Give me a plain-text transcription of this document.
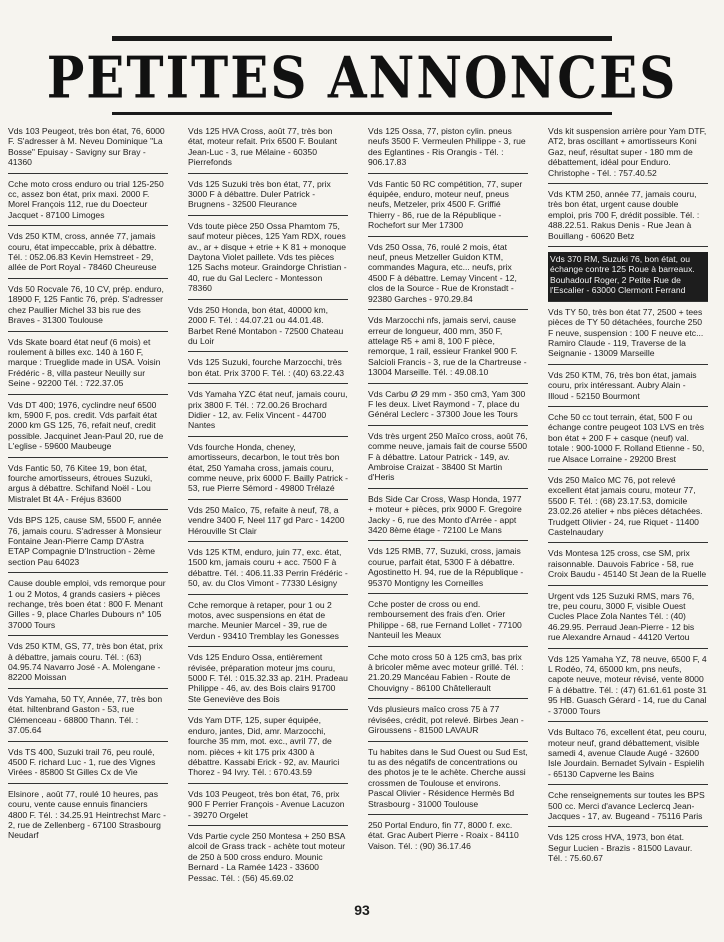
PETITES ANNONCES

Vds 103 Peugeot, très bon état, 76, 6000 F. S'adresser à M. Neveu Dominique "La Bosse" Epuisay - Savigny sur Bray - 41360

Cche moto cross enduro ou trial 125-250 cc, assez bon état, prix maxi. 2000 F. Morel François 112, rue du Doecteur Jacquet - 87100 Limoges

Vds 250 KTM, cross, année 77, jamais couru, état impeccable, prix à débattre. Tél. : 052.06.83 Kevin Hemstreet - 29, allée de Port Royal - 78460 Cheureuse

Vds 50 Rocvale 76, 10 CV, prép. enduro, 18900 F, 125 Fantic 76, prép. S'adresser chez Paullier Michel 33 bis rue des Braves - 31300 Toulouse

Vds Skate board état neuf (6 mois) et roulement à billes exc. 140 à 160 F, marque : Trueglide made in USA. Voisin Frédéric - 8, villa pasteur Neuilly sur Seine - 92200 Tél. : 722.37.05

Vds DT 400; 1976, cyclindre neuf 6500 km, 5900 F, pos. credit. Vds parfait état 2000 km GS 125, 76, refait neuf, credit possible. Jacquinet Jean-Paul 20, rue de L'eglise - 59600 Maubeuge

Vds Fantic 50, 76 Kitee 19, bon état, fourche amortisseurs, étroues Suzuki, argus à débattre. Schifand Noël - Lou Mistralet Bt 4A - Fréjus 83600

Vds BPS 125, cause SM, 5500 F, année 76, jamais couru. S'adresser à Monsieur Fontaine Jean-Pierre Camp D'Astra ETAP Compagnie D'Instruction - 2ème section Pau 64023

Cause double emploi, vds remorque pour 1 ou 2 Motos, 4 grands casiers + pièces rechange, très boen état : 800 F. Menant Gilles - 9, place Charles Dubours n° 105 37000 Tours

Vds 250 KTM, GS, 77, très bon état, prix à débattre, jamais couru. Tél. : (63) 04.95.74 Navarro José - A. Molengane - 82200 Moissan

Vds Yamaha, 50 TY, Année, 77, très bon état. hiltenbrand Gaston - 53, rue Clémenceau - 68800 Thann. Tél. : 37.05.64

Vds TS 400, Suzuki trail 76, peu roulé, 4500 F. richard Luc - 1, rue des Vignes Virées - 85800 St Gilles Cx de Vie

Elsinore , août 77, roulé 10 heures, pas couru, vente cause ennuis financiers 4800 F. Tél. : 34.25.91 Heintrechst Marc - 2, rue de Zellenberg - 67100 Strasbourg Neudarf

Vds 125 HVA Cross, août 77, très bon état, moteur refait. Prix 6500 F. Boulant Jean-Luc - 3, rue Mélaine - 60350 Pierrefonds

Vds 125 Suzuki très bon état, 77, prix 3000 F à débattre. Duler Patrick - Brugnens - 32500 Fleurance

Vds toute pièce 250 Ossa Phamtom 75, sauf moteur pièces, 125 Yam RDX, roues av., ar + disque + etrie + K 81 + monoque Daytona Violet paillete. Vds tes pièces 125 Sachs moteur. Graindorge Christian - 40, rue du Gal Leclerc - Montesson 78360

Vds 250 Honda, bon état, 40000 km, 2000 F. Tél. : 44.07.21 ou 44.01.48. Barbet René Montabon - 72500 Chateau du Loir

Vds 125 Suzuki, fourche Marzocchi, très bon état. Prix 3700 F. Tél. : (40) 63.22.43

Vds Yamaha YZC état neuf, jamais couru, prix 3800 F. Tél. : 72.00.26 Brochard Didier - 12, av. Felix Vincent - 44700 Nantes

Vds fourche Honda, cheney, amortisseurs, decarbon, le tout très bon état, 250 Yamaha cross, jamais couru, comme neuve, prix 6000 F. Bailly Patrick - 53, rue Pierre Sémord - 49800 Trélazé

Vds 250 Maîco, 75, refaite à neuf, 78, a vendre 3400 F, Neel 117 gd Parc - 14200 Hérouville St Clair

Vds 125 KTM, enduro, juin 77, exc. état, 1500 km, jamais couru + acc. 7500 F à débattre. Tél. : 406.11.33 Perrin Frédéric - 50, av. du Clos Vimont - 77330 Lésigny

Cche remorque à retaper, pour 1 ou 2 motos, avec suspensions en état de marche. Meunier Marcel - 39, rue de Verdun - 93410 Tremblay les Gonesses

Vds 125 Enduro Ossa, entièrement révisée, préparation moteur jms couru, 5000 F. Tél. : 015.32.33 ap. 21H. Pradeau Philippe - 46, av. des Bois clairs 91700 Ste Geneviève des Bois

Vds Yam DTF, 125, super équipée, enduro, jantes, Did, amr. Marzocchi, fourche 35 mm, mot. exc., avril 77, de nom. pièces + kit 175 prix 4300 à débattre. Kassabi Erick - 92, av. Maurici Thorez - 94 Ivry. Tél. : 670.43.59

Vds 103 Peugeot, très bon état, 76, prix 900 F Perrier François - Avenue Lacuzon - 39270 Orgelet

Vds Partie cycle 250 Montesa + 250 BSA alcoil de Grass track - achète tout moteur de 250 à 500 cross enduro. Mounic Bernard - La Ramée 1423 - 33600 Pessac. Tél. : (56) 45.69.02

Vds 125 Ossa, 77, piston cylin. pneus neufs 3500 F. Vermeulen Philippe - 3, rue des Eglantines - Ris Orangis - Tél. : 906.17.83

Vds Fantic 50 RC compétition, 77, super équipée, enduro, moteur neuf, pneus neufs, Metzeler, prix 4500 F. Griffié Thierry - 86, rue de la République - Rochefort sur Mer 17300

Vds 250 Ossa, 76, roulé 2 mois, état neuf, pneus Metzeller Guidon KTM, commandes Magura, etc... neufs, prix 4500 F à débattre. Lemay Vincent - 12, clos de la Source - Rue de Kronstadt - 92380 Garches - 970.29.84

Vds Marzocchi nfs, jamais servi, cause erreur de longueur, 400 mm, 350 F, attelage R5 + ami 8, 100 F pièce, remorque, 1 rail, essieur Frankel 900 F. Salcioli Francis - 3, rue de la Chartreuse - 13004 Marseille. Tél. : 49.08.10

Vds Carbu Ø 29 mm - 350 cm3, Yam 300 F les deux. Livet Raymond - 7, place du Général Leclerc - 37300 Joue les Tours

Vds très urgent 250 Maîco cross, août 76, comme neuve, jamais fait de course 5500 F à débattre. Latour Patrick - 149, av. Ambroise Craizat - 38400 St Martin d'Heris

Bds Side Car Cross, Wasp Honda, 1977 + moteur + pièces, prix 9000 F. Gregoire Jacky - 6, rue des Monto d'Arrée - appt 3420 8ème étage - 72100 Le Mans

Vds 125 RMB, 77, Suzuki, cross, jamais courue, parfait état, 5300 F à débattre. Agostinetto H. 94, rue de la République - 95370 Montigny les Corneilles

Cche poster de cross ou end. remboursement des frais d'en. Orier Philippe - 68, rue Fernand Lollet - 77100 Nanteuil les Meaux

Cche moto cross 50 à 125 cm3, bas prix à bricoler même avec moteur grillé. Tél. : 21.20.29 Mancéau Fabien - Route de Chouvigny - 86100 Châtellerault

Vds plusieurs maîco cross 75 à 77 révisées, crédit, pot relevé. Birbes Jean - Giroussens - 81500 LAVAUR

Tu habites dans le Sud Ouest ou Sud Est, tu as des négatifs de concentrations ou des photos je te le achète. Cherche aussi crossmen de Toulouse et environs. Pascal Olivier - Résidence Hermès Bd Strasbourg - 31000 Toulouse

250 Portal Enduro, fin 77, 8000 f. exc. état. Grac Aubert Pierre - Roaix - 84110 Vaison. Tél. : (90) 36.17.46

Vds kit suspension arrière pour Yam DTF, AT2, bras oscillant + amortisseurs Koni Gaz, neuf, résultat super - 180 mm de débattement, idéal pour Enduro. Christophe - Tél. : 757.40.52

Vds KTM 250, année 77, jamais couru, très bon état, urgent cause double emploi, pris 700 F, drédit possible. Tél. : 488.22.51. Rakus Denis - Rue Jean à Bouillang - 60620 Betz

Vds 370 RM, Suzuki 76, bon état, ou échange contre 125 Roue à barreaux. Bouhadouf Roger, 2 Petite Rue de l'Escalier - 63000 Clermont Ferrand

Vds TY 50, très bon état 77, 2500 + tees pièces de TY 50 détachées, fourche 250 F neuve, suspension : 100 F neuve etc... Ramiro Claude - 119, Traverse de la Seignanie - 13009 Marseille

Vds 250 KTM, 76, très bon état, jamais couru, prix intéressant. Aubry Alain - Illoud - 52150 Bourmont

Cche 50 cc tout terrain, état, 500 F ou échange contre peugeot 103 LVS en très bon état + 200 F + casque (neuf) val. totale : 900-1000 F. Rolland Etienne - 50, rue Alsace Lorraine - 29200 Brest

Vds 250 Maîco MC 76, pot relevé excellent état jamais couru, moteur 77, 5500 F. Tél. : (68) 23.17.53, domicile 23.02.26 atelier + nbs pièces détachées. Trudgett Olivier - 24, rue Riquet - 11400 Castelnaudary

Vds Montesa 125 cross, cse SM, prix raisonnable. Dauvois Fabrice - 58, rue Croix Baudu - 45140 St Jean de la Ruelle

Urgent vds 125 Suzuki RMS, mars 76, tre, peu couru, 3000 F, visible Ouest Cucles Place Zola Nantes Tél. : (40) 46.29.95. Perraud Jean-Pierre - 12 bis rue Alexandre Arnaud - 44120 Vertou

Vds 125 Yamaha YZ, 78 neuve, 6500 F, 4 L Rodéo, 74, 65000 km, pns neufs, capote neuve, moteur révisé, vente 8000 F à débattre. Tél. : (47) 61.61.61 poste 31 95 HB. Guasch Gérard - 14, rue du Canal - 37000 Tours

Vds Bultaco 76, excellent état, peu couru, moteur neuf, grand débattement, visible samedi 4, avenue Claude Augé - 32600 Isle Jourdain. Bernadet Sylvain - Espielih - 65130 Capverne les Bains

Cche renseignements sur toutes les BPS 500 cc. Merci d'avance Leclercq Jean-Jacques - 17, av. Bugeand - 75116 Paris

Vds 125 cross HVA, 1973, bon état. Segur Lucien - Brazis - 81500 Lavaur. Tél. : 75.60.67

93
